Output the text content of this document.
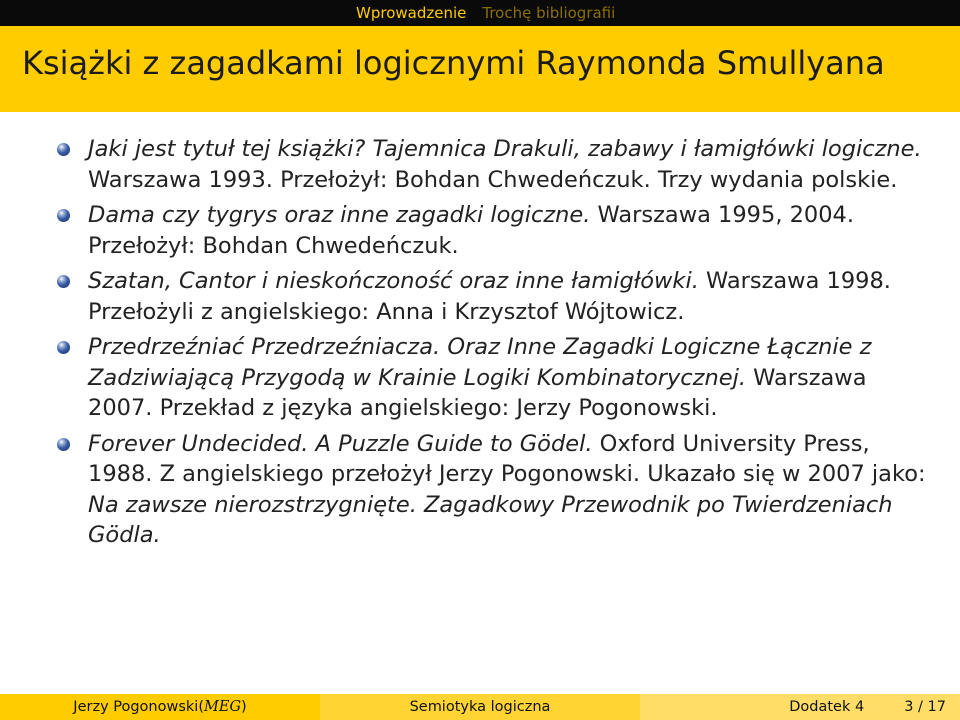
Wprowadzenie	Trochę bibliografii
Książki z zagadkami logicznymi Raymonda Smullyana
Jaki jest tytuł tej książki? Tajemnica Drakuli, zabawy i łamigłówki logiczne. Warszawa 1993. Przełożył: Bohdan Chwedeńczuk. Trzy wydania polskie.
Dama czy tygrys oraz inne zagadki logiczne. Warszawa 1995, 2004. Przełożył: Bohdan Chwedeńczuk.
Szatan, Cantor i nieskończoność oraz inne łamigłówki. Warszawa 1998. Przełożyli z angielskiego: Anna i Krzysztof Wójtowicz.
Przedrzeźniać Przedrzeźniacza. Oraz Inne Zagadki Logiczne Łącznie z Zadziwiającą Przygodą w Krainie Logiki Kombinatorycznej. Warszawa 2007. Przekład z języka angielskiego: Jerzy Pogonowski.
Forever Undecided. A Puzzle Guide to Gödel. Oxford University Press, 1988. Z angielskiego przełożył Jerzy Pogonowski. Ukazało się w 2007 jako: Na zawsze nierozstrzygnięte. Zagadkowy Przewodnik po Twierdzeniach Gödla.
Jerzy Pogonowski ( MEG )	Semiotyka logiczna	Dodatek 4	3 / 17
